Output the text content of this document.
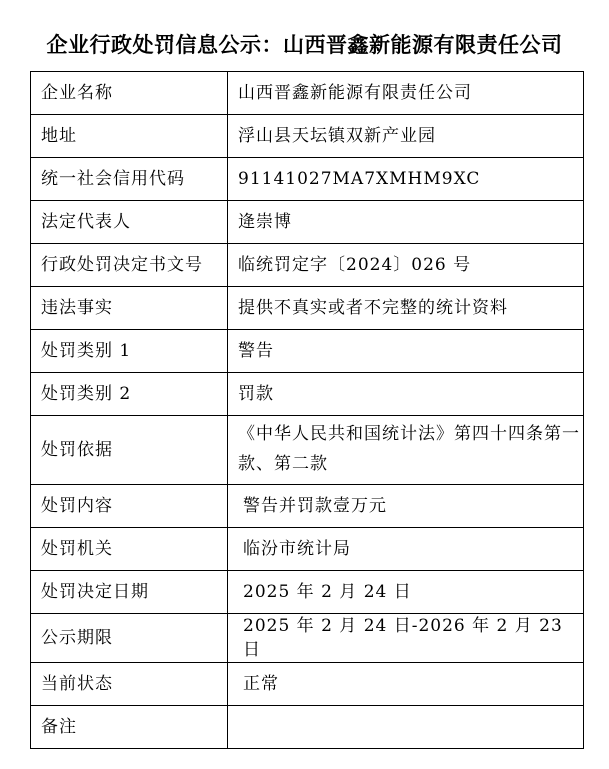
企业行政处罚信息公示：山西晋鑫新能源有限责任公司
企业名称	山西晋鑫新能源有限责任公司
地址	浮山县天坛镇双新产业园
统一社会信用代码	91141027MA7XMHM9XC
法定代表人	逄崇博
行政处罚决定书文号	临统罚定字〔2024〕026 号
违法事实	提供不真实或者不完整的统计资料
处罚类别 1	警告
处罚类别 2	罚款
处罚依据	《中华人民共和国统计法》第四十四条第一款、第二款
处罚内容	警告并罚款壹万元
处罚机关	临汾市统计局
处罚决定日期	2025 年 2 月 24 日
公示期限	2025 年 2 月 24 日-2026 年 2 月 23 日
当前状态	正常
备注	
